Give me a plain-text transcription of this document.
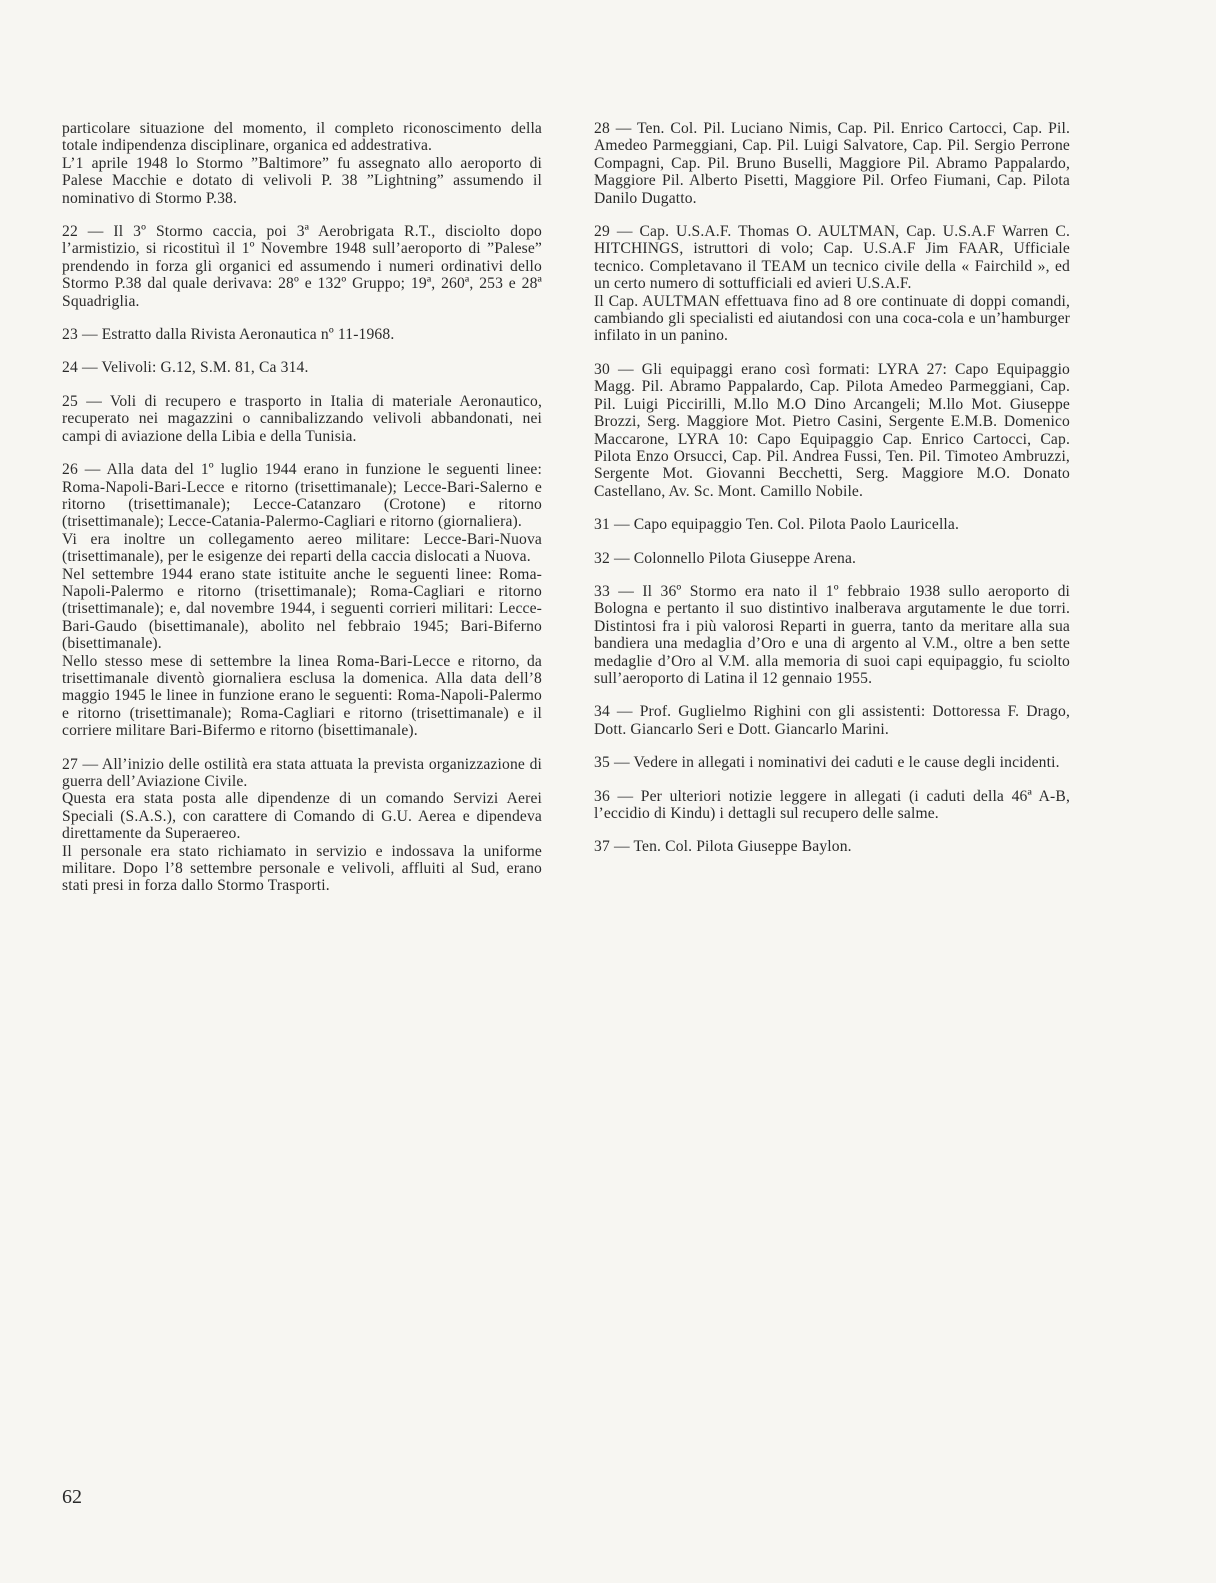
particolare situazione del momento, il completo riconoscimento della totale indipendenza disciplinare, organica ed addestrativa.

L’1 aprile 1948 lo Stormo ”Baltimore” fu assegnato allo aeroporto di Palese Macchie e dotato di velivoli P. 38 ”Lightning” assumendo il nominativo di Stormo P.38.

22 — Il 3º Stormo caccia, poi 3ª Aerobrigata R.T., disciolto dopo l’armistizio, si ricostituì il 1º Novembre 1948 sull’aeroporto di ”Palese” prendendo in forza gli organici ed assumendo i numeri ordinativi dello Stormo P.38 dal quale derivava: 28º e 132º Gruppo; 19ª, 260ª, 253 e 28ª Squadriglia.

23 — Estratto dalla Rivista Aeronautica nº 11-1968.

24 — Velivoli: G.12, S.M. 81, Ca 314.

25 — Voli di recupero e trasporto in Italia di materiale Aeronautico, recuperato nei magazzini o cannibalizzando velivoli abbandonati, nei campi di aviazione della Libia e della Tunisia.

26 — Alla data del 1º luglio 1944 erano in funzione le seguenti linee: Roma-Napoli-Bari-Lecce e ritorno (trisettimanale); Lecce-Bari-Salerno e ritorno (trisettimanale); Lecce-Catanzaro (Crotone) e ritorno (trisettimanale); Lecce-Catania-Palermo-Cagliari e ritorno (giornaliera).

Vi era inoltre un collegamento aereo militare: Lecce-Bari-Nuova (trisettimanale), per le esigenze dei reparti della caccia dislocati a Nuova.

Nel settembre 1944 erano state istituite anche le seguenti linee: Roma-Napoli-Palermo e ritorno (trisettimanale); Roma-Cagliari e ritorno (trisettimanale); e, dal novembre 1944, i seguenti corrieri militari: Lecce-Bari-Gaudo (bisettimanale), abolito nel febbraio 1945; Bari-Biferno (bisettimanale).

Nello stesso mese di settembre la linea Roma-Bari-Lecce e ritorno, da trisettimanale diventò giornaliera esclusa la domenica. Alla data dell’8 maggio 1945 le linee in funzione erano le seguenti: Roma-Napoli-Palermo e ritorno (trisettimanale); Roma-Cagliari e ritorno (trisettimanale) e il corriere militare Bari-Bifermo e ritorno (bisettimanale).

27 — All’inizio delle ostilità era stata attuata la prevista organizzazione di guerra dell’Aviazione Civile.

Questa era stata posta alle dipendenze di un comando Servizi Aerei Speciali (S.A.S.), con carattere di Comando di G.U. Aerea e dipendeva direttamente da Superaereo.

Il personale era stato richiamato in servizio e indossava la uniforme militare. Dopo l’8 settembre personale e velivoli, affluiti al Sud, erano stati presi in forza dallo Stormo Trasporti.

28 — Ten. Col. Pil. Luciano Nimis, Cap. Pil. Enrico Cartocci, Cap. Pil. Amedeo Parmeggiani, Cap. Pil. Luigi Salvatore, Cap. Pil. Sergio Perrone Compagni, Cap. Pil. Bruno Buselli, Maggiore Pil. Abramo Pappalardo, Maggiore Pil. Alberto Pisetti, Maggiore Pil. Orfeo Fiumani, Cap. Pilota Danilo Dugatto.

29 — Cap. U.S.A.F. Thomas O. AULTMAN, Cap. U.S.A.F Warren C. HITCHINGS, istruttori di volo; Cap. U.S.A.F Jim FAAR, Ufficiale tecnico. Completavano il TEAM un tecnico civile della « Fairchild », ed un certo numero di sottufficiali ed avieri U.S.A.F.

Il Cap. AULTMAN effettuava fino ad 8 ore continuate di doppi comandi, cambiando gli specialisti ed aiutandosi con una coca-cola e un’hamburger infilato in un panino.

30 — Gli equipaggi erano così formati: LYRA 27: Capo Equipaggio Magg. Pil. Abramo Pappalardo, Cap. Pilota Amedeo Parmeggiani, Cap. Pil. Luigi Piccirilli, M.llo M.O Dino Arcangeli; M.llo Mot. Giuseppe Brozzi, Serg. Maggiore Mot. Pietro Casini, Sergente E.M.B. Domenico Maccarone, LYRA 10: Capo Equipaggio Cap. Enrico Cartocci, Cap. Pilota Enzo Orsucci, Cap. Pil. Andrea Fussi, Ten. Pil. Timoteo Ambruzzi, Sergente Mot. Giovanni Becchetti, Serg. Maggiore M.O. Donato Castellano, Av. Sc. Mont. Camillo Nobile.

31 — Capo equipaggio Ten. Col. Pilota Paolo Lauricella.

32 — Colonnello Pilota Giuseppe Arena.

33 — Il 36º Stormo era nato il 1º febbraio 1938 sullo aeroporto di Bologna e pertanto il suo distintivo inalberava argutamente le due torri. Distintosi fra i più valorosi Reparti in guerra, tanto da meritare alla sua bandiera una medaglia d’Oro e una di argento al V.M., oltre a ben sette medaglie d’Oro al V.M. alla memoria di suoi capi equipaggio, fu sciolto sull’aeroporto di Latina il 12 gennaio 1955.

34 — Prof. Guglielmo Righini con gli assistenti: Dottoressa F. Drago, Dott. Giancarlo Seri e Dott. Giancarlo Marini.

35 — Vedere in allegati i nominativi dei caduti e le cause degli incidenti.

36 — Per ulteriori notizie leggere in allegati (i caduti della 46ª A-B, l’eccidio di Kindu) i dettagli sul recupero delle salme.

37 — Ten. Col. Pilota Giuseppe Baylon.

62
